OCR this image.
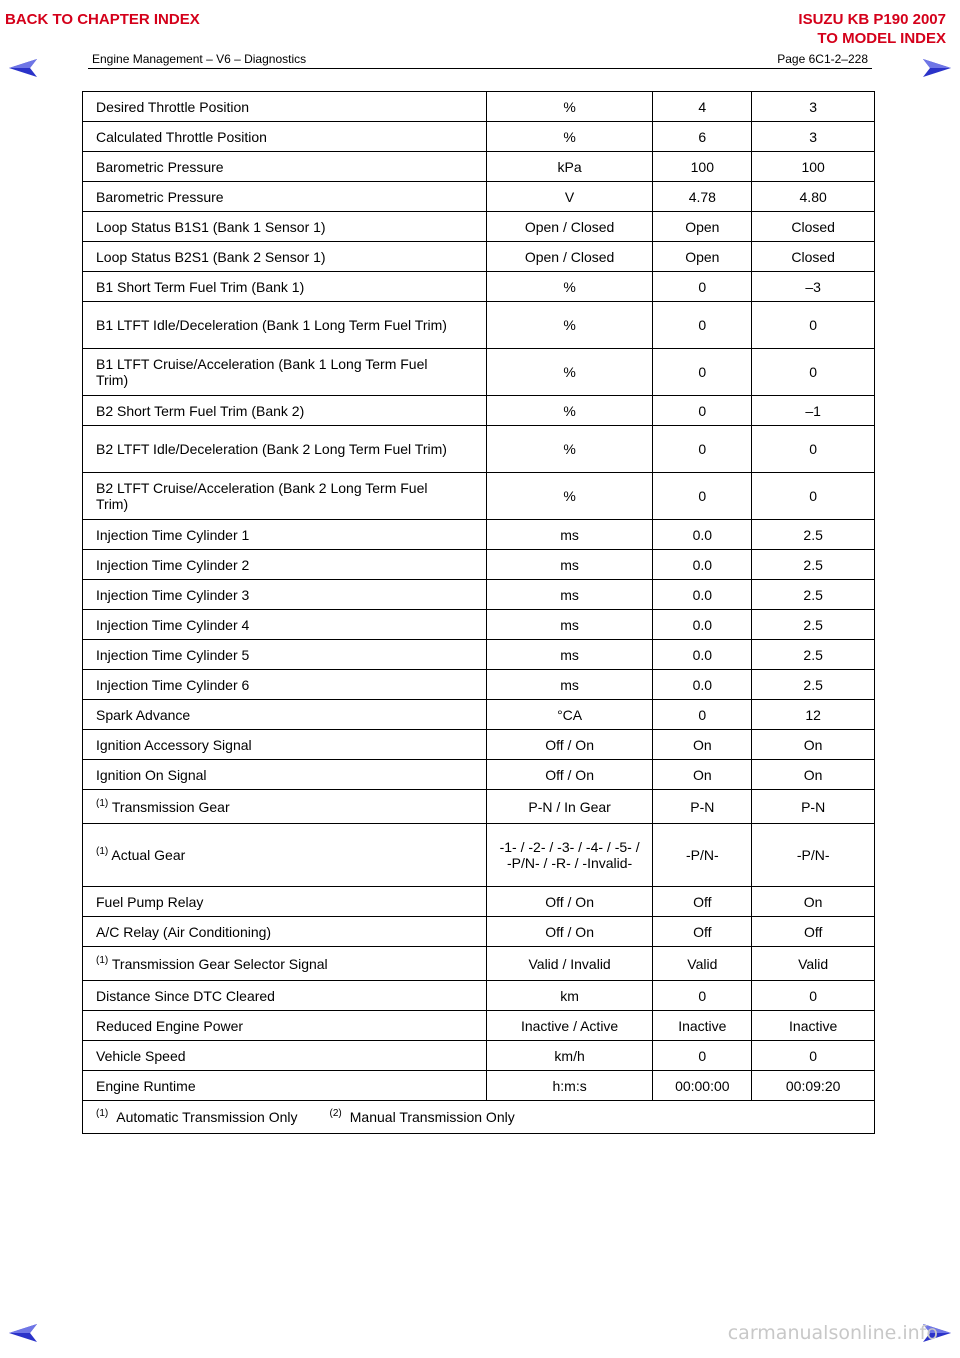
BACK TO CHAPTER INDEX	ISUZU KB P190 2007
TO MODEL INDEX
Engine Management – V6 – Diagnostics	Page 6C1-2–228
Desired Throttle Position	%	4	3
Calculated Throttle Position	%	6	3
Barometric Pressure	kPa	100	100
Barometric Pressure	V	4.78	4.80
Loop Status B1S1 (Bank 1 Sensor 1)	Open / Closed	Open	Closed
Loop Status B2S1 (Bank 2 Sensor 1)	Open / Closed	Open	Closed
B1 Short Term Fuel Trim (Bank 1)	%	0	–3
B1 LTFT Idle/Deceleration (Bank 1 Long Term Fuel Trim)	%	0	0
B1 LTFT Cruise/Acceleration (Bank 1 Long Term Fuel Trim)	%	0	0
B2 Short Term Fuel Trim (Bank 2)	%	0	–1
B2 LTFT Idle/Deceleration (Bank 2 Long Term Fuel Trim)	%	0	0
B2 LTFT Cruise/Acceleration (Bank 2 Long Term Fuel Trim)	%	0	0
Injection Time Cylinder 1	ms	0.0	2.5
Injection Time Cylinder 2	ms	0.0	2.5
Injection Time Cylinder 3	ms	0.0	2.5
Injection Time Cylinder 4	ms	0.0	2.5
Injection Time Cylinder 5	ms	0.0	2.5
Injection Time Cylinder 6	ms	0.0	2.5
Spark Advance	°CA	0	12
Ignition Accessory Signal	Off / On	On	On
Ignition On Signal	Off / On	On	On
$^{(1)}$ Transmission Gear	P-N / In Gear	P-N	P-N
$^{(1)}$ Actual Gear	-1- / -2- / -3- / -4- / -5- / -P/N- / -R- / -Invalid-	-P/N-	-P/N-
Fuel Pump Relay	Off / On	Off	On
A/C Relay (Air Conditioning)	Off / On	Off	Off
$^{(1)}$ Transmission Gear Selector Signal	Valid / Invalid	Valid	Valid
Distance Since DTC Cleared	km	0	0
Reduced Engine Power	Inactive / Active	Inactive	Inactive
Vehicle Speed	km/h	0	0
Engine Runtime	h:m:s	00:00:00	00:09:20
$^{(1)}$ Automatic Transmission Only $^{(2)}$ Manual Transmission Only			
carmanualsonline.info
